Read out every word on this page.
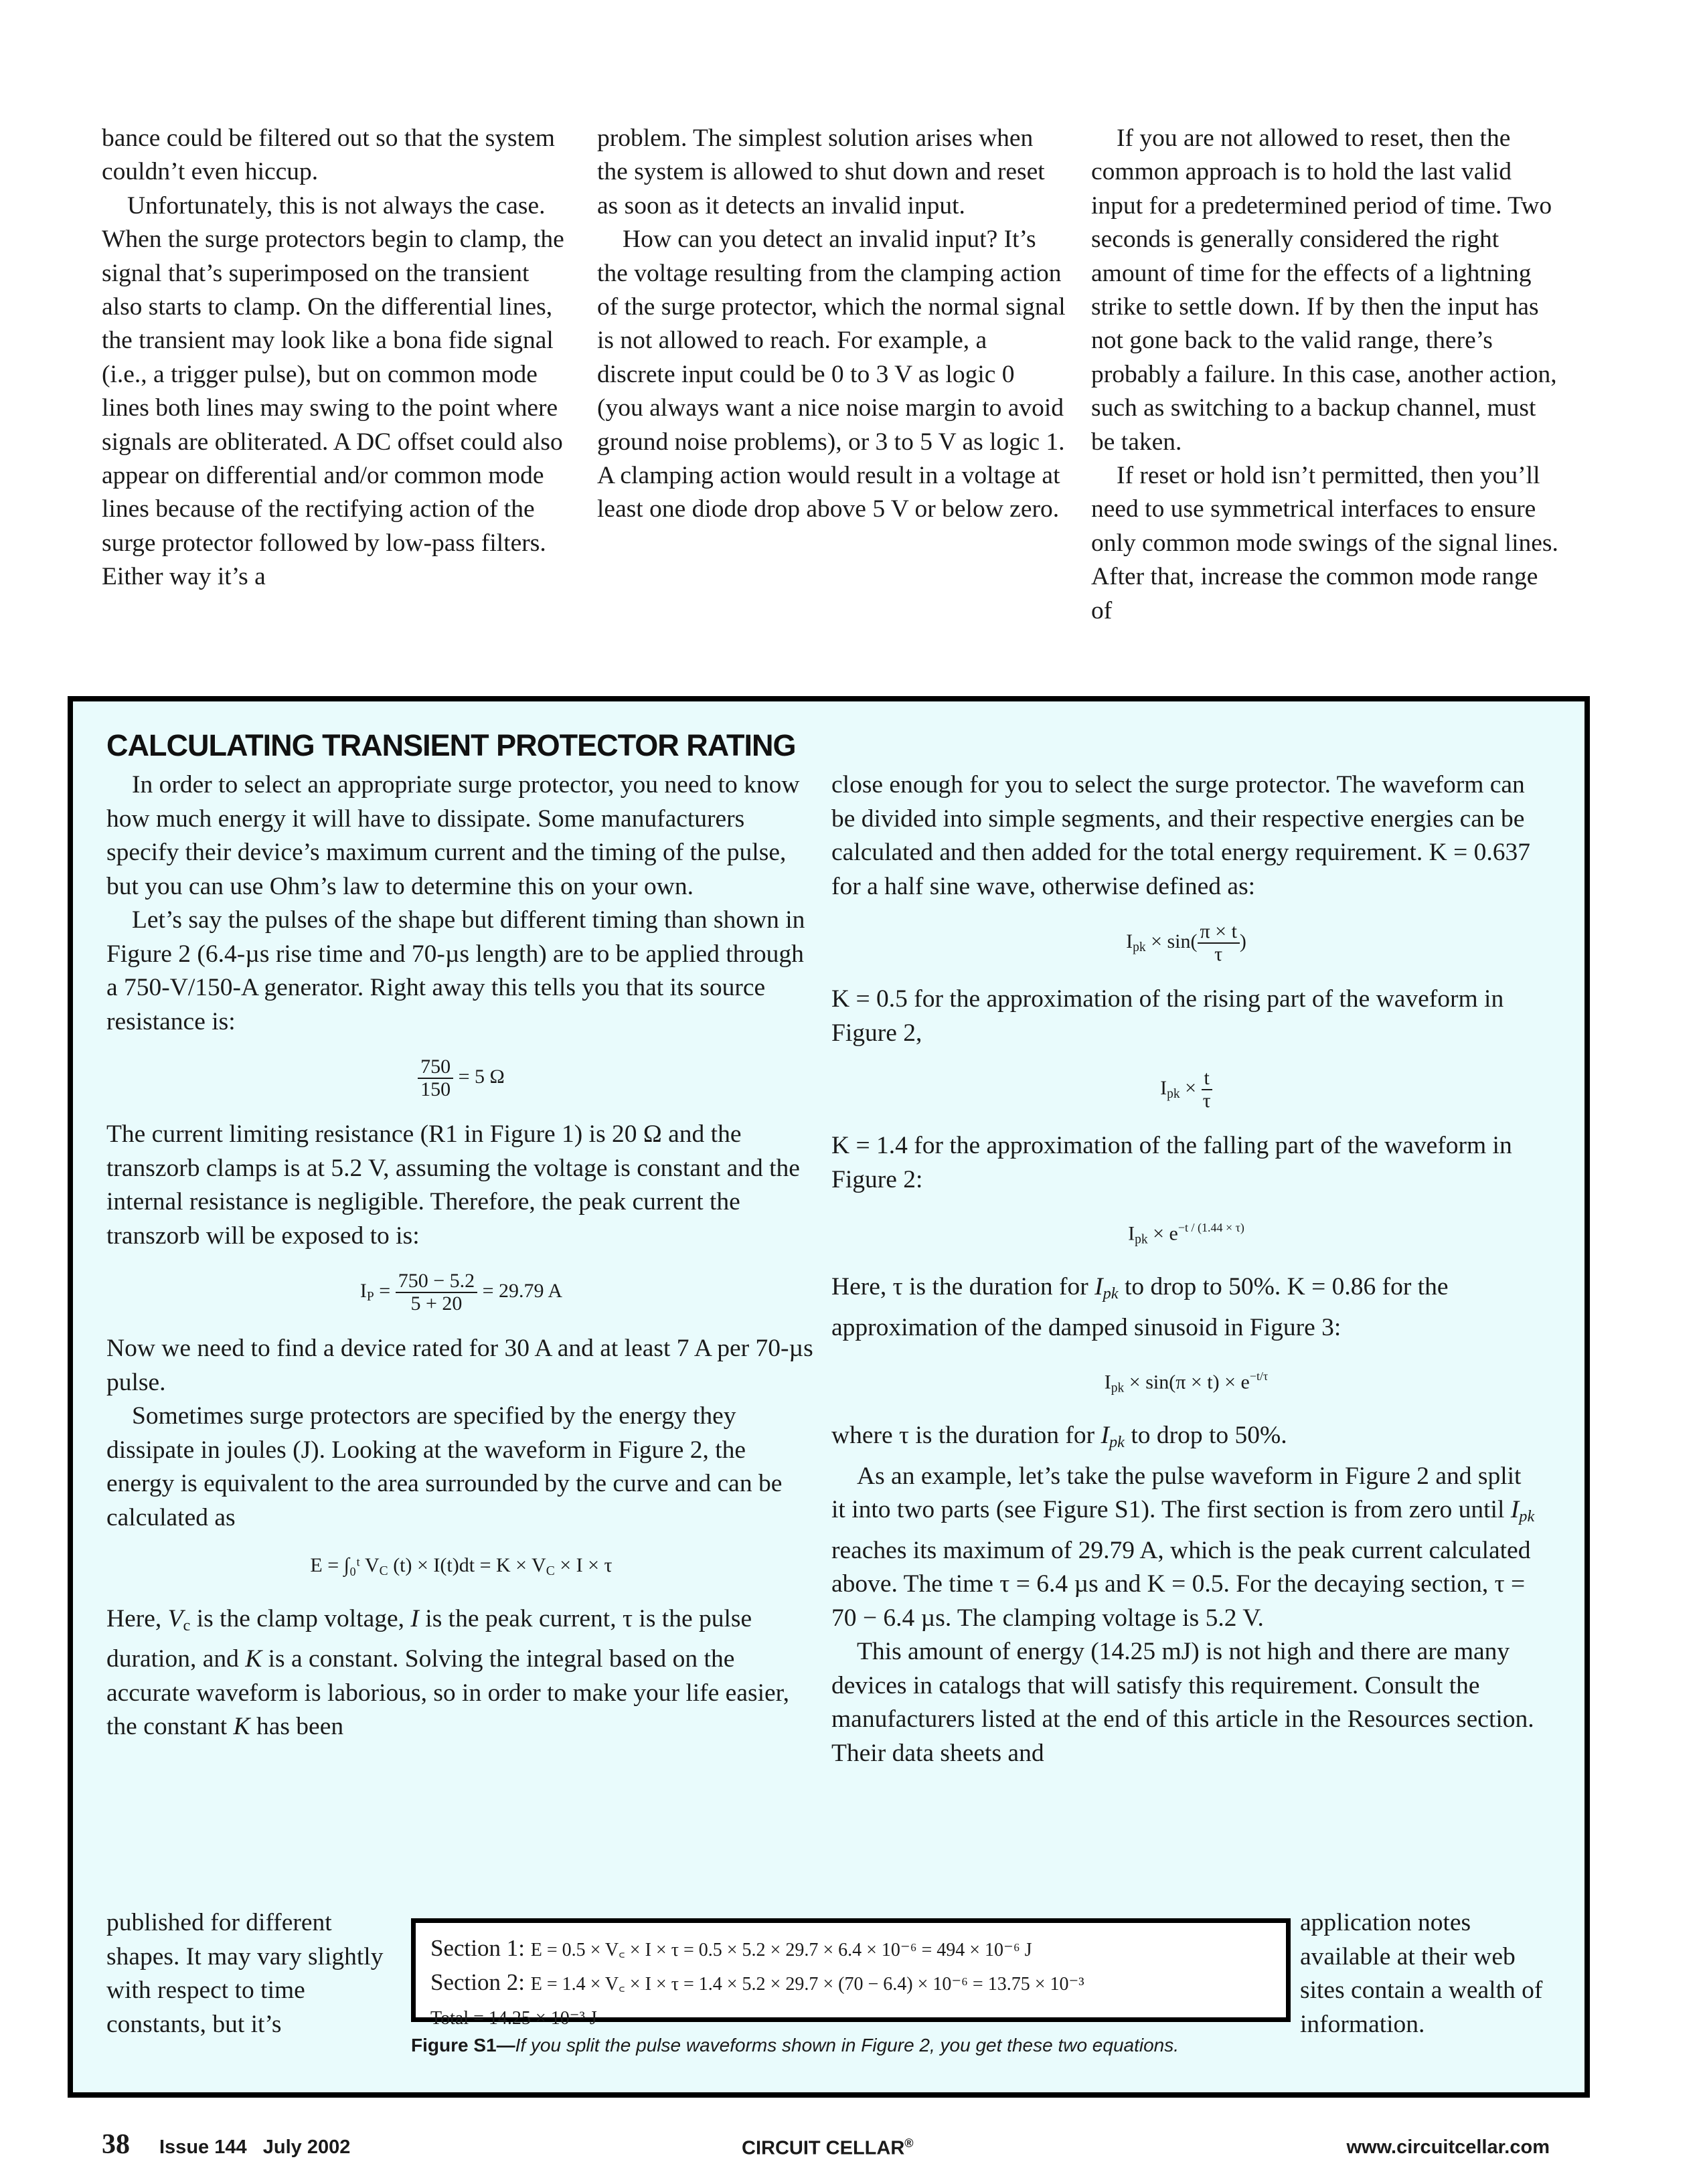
bance could be filtered out so that the system couldn’t even hiccup.

Unfortunately, this is not always the case. When the surge protectors begin to clamp, the signal that’s superimposed on the transient also starts to clamp. On the differential lines, the transient may look like a bona fide signal (i.e., a trigger pulse), but on common mode lines both lines may swing to the point where signals are obliterated. A DC offset could also appear on differential and/or common mode lines because of the rectifying action of the surge protector followed by low-pass filters. Either way it’s a

problem. The simplest solution arises when the system is allowed to shut down and reset as soon as it detects an invalid input.

How can you detect an invalid input? It’s the voltage resulting from the clamping action of the surge protector, which the normal signal is not allowed to reach. For example, a discrete input could be 0 to 3 V as logic 0 (you always want a nice noise margin to avoid ground noise problems), or 3 to 5 V as logic 1. A clamping action would result in a voltage at least one diode drop above 5 V or below zero.

If you are not allowed to reset, then the common approach is to hold the last valid input for a predetermined period of time. Two seconds is generally considered the right amount of time for the effects of a lightning strike to settle down. If by then the input has not gone back to the valid range, there’s probably a failure. In this case, another action, such as switching to a backup channel, must be taken.

If reset or hold isn’t permitted, then you’ll need to use symmetrical interfaces to ensure only common mode swings of the signal lines. After that, increase the common mode range of

CALCULATING TRANSIENT PROTECTOR RATING

In order to select an appropriate surge protector, you need to know how much energy it will have to dissipate. Some manufacturers specify their device’s maximum current and the timing of the pulse, but you can use Ohm’s law to determine this on your own.

Let’s say the pulses of the shape but different timing than shown in Figure 2 (6.4-µs rise time and 70-µs length) are to be applied through a 750-V/150-A generator. Right away this tells you that its source resistance is:

$\frac{750}{150} = 5$ Ω

The current limiting resistance (R1 in Figure 1) is 20 Ω and the transzorb clamps is at 5.2 V, assuming the voltage is constant and the internal resistance is negligible. Therefore, the peak current the transzorb will be exposed to is:

$I_P = \frac{750 - 5.2}{5 + 20} = 29.79$ A

Now we need to find a device rated for 30 A and at least 7 A per 70-µs pulse.

Sometimes surge protectors are specified by the energy they dissipate in joules (J). Looking at the waveform in Figure 2, the energy is equivalent to the area surrounded by the curve and can be calculated as

E = ∫₀ᵗ $V_C$ $(t) \times I(t)dt = K \times V_C \times I \times \tau$

Here, $V_c$ is the clamp voltage, I is the peak current, τ is the pulse duration, and K is a constant. Solving the integral based on the accurate waveform is laborious, so in order to make your life easier, the constant K has been

close enough for you to select the surge protector. The waveform can be divided into simple segments, and their respective energies can be calculated and then added for the total energy requirement. K = 0.637 for a half sine wave, otherwise defined as:

$I_{pk} \times \sin( \frac{\pi \times t}{\tau}$ )

K = 0.5 for the approximation of the rising part of the waveform in Figure 2,

$I_{pk} \times \frac{t}{\tau}$

K = 1.4 for the approximation of the falling part of the waveform in Figure 2:

$I_{pk} \times e^{-t / (1.44 \times \tau)}$

Here, τ is the duration for $I_{pk}$ to drop to 50%. K = 0.86 for the approximation of the damped sinusoid in Figure 3:

$I_{pk} \times \sin(\pi \times t) \times e^{-t/\tau}$

where τ is the duration for $I_{pk}$ to drop to 50%.

As an example, let’s take the pulse waveform in Figure 2 and split it into two parts (see Figure S1). The first section is from zero until $I_{pk}$ reaches its maximum of 29.79 A, which is the peak current calculated above. The time τ = 6.4 µs and K = 0.5. For the decaying section, τ = 70 − 6.4 µs. The clamping voltage is 5.2 V.

This amount of energy (14.25 mJ) is not high and there are many devices in catalogs that will satisfy this requirement. Consult the manufacturers listed at the end of this article in the Resources section. Their data sheets and

published for different shapes. It may vary slightly with respect to time constants, but it’s
application notes available at their web sites contain a wealth of information.
Section 1: E = 0.5 × V꜀ × I × τ = 0.5 × 5.2 × 29.7 × 6.4 × 10⁻⁶ = 494 × 10⁻⁶ J
Section 2: E = 1.4 × V꜀ × I × τ = 1.4 × 5.2 × 29.7 × (70 − 6.4) × 10⁻⁶ = 13.75 × 10⁻³
Total = 14.25 × 10⁻³ J
Figure S1—If you split the pulse waveforms shown in Figure 2, you get these two equations.
38 Issue 144   July 2002	CIRCUIT CELLAR®	www.circuitcellar.com
